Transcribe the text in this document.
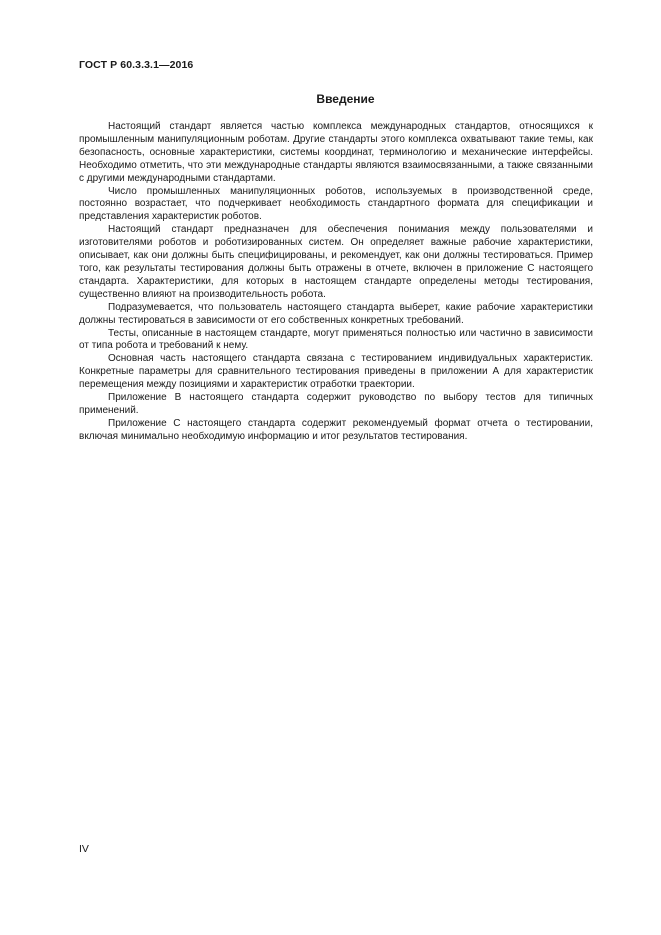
ГОСТ Р 60.3.3.1—2016
Введение

Настоящий стандарт является частью комплекса международных стандартов, относящихся к промышленным манипуляционным роботам. Другие стандарты этого комплекса охватывают такие темы, как безопасность, основные характеристики, системы координат, терминологию и механические интерфейсы. Необходимо отметить, что эти международные стандарты являются взаимосвязанными, а также связанными с другими международными стандартами.

Число промышленных манипуляционных роботов, используемых в производственной среде, постоянно возрастает, что подчеркивает необходимость стандартного формата для спецификации и представления характеристик роботов.

Настоящий стандарт предназначен для обеспечения понимания между пользователями и изготовителями роботов и роботизированных систем. Он определяет важные рабочие характеристики, описывает, как они должны быть специфицированы, и рекомендует, как они должны тестироваться. Пример того, как результаты тестирования должны быть отражены в отчете, включен в приложение С настоящего стандарта. Характеристики, для которых в настоящем стандарте определены методы тестирования, существенно влияют на производительность робота.

Подразумевается, что пользователь настоящего стандарта выберет, какие рабочие характеристики должны тестироваться в зависимости от его собственных конкретных требований.

Тесты, описанные в настоящем стандарте, могут применяться полностью или частично в зависимости от типа робота и требований к нему.

Основная часть настоящего стандарта связана с тестированием индивидуальных характеристик. Конкретные параметры для сравнительного тестирования приведены в приложении А для характеристик перемещения между позициями и характеристик отработки траектории.

Приложение В настоящего стандарта содержит руководство по выбору тестов для типичных применений.

Приложение С настоящего стандарта содержит рекомендуемый формат отчета о тестировании, включая минимально необходимую информацию и итог результатов тестирования.

IV
